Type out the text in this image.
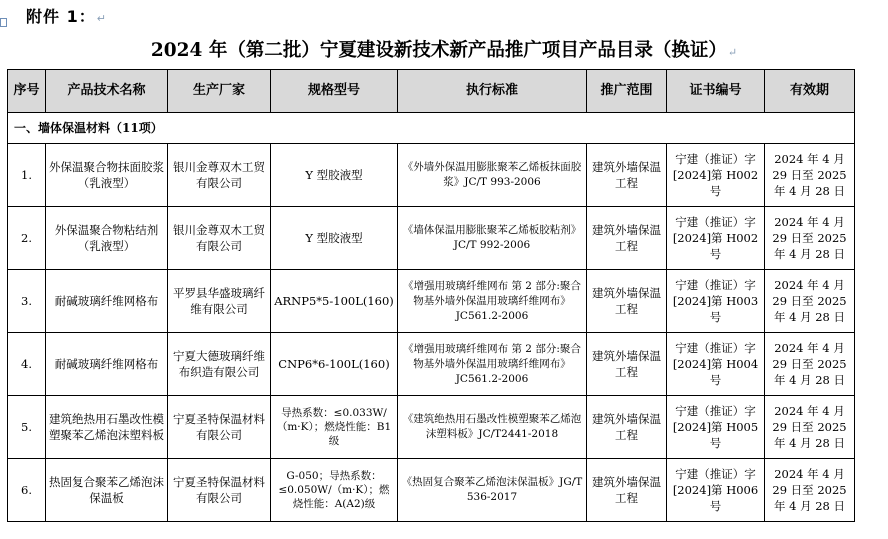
附件 1：↵
2024 年（第二批）宁夏建设新技术新产品推广项目产品目录（换证）↵
序号	产品技术名称	生产厂家	规格型号	执行标准	推广范围	证书编号	有效期
一、墙体保温材料（11项）							
1.	外保温聚合物抹面胶浆（乳液型）	银川金尊双木工贸有限公司	Y 型胶液型	《外墙外保温用膨胀聚苯乙烯板抹面胶浆》JC/T 993-2006	建筑外墙保温工程	宁建（推证）字[2024]第 H002 号	2024 年 4 月 29 日至 2025 年 4 月 28 日
2.	外保温聚合物粘结剂（乳液型）	银川金尊双木工贸有限公司	Y 型胶液型	《墙体保温用膨胀聚苯乙烯板胶粘剂》JC/T 992-2006	建筑外墙保温工程	宁建（推证）字[2024]第 H002 号	2024 年 4 月 29 日至 2025 年 4 月 28 日
3.	耐碱玻璃纤维网格布	平罗县华盛玻璃纤维有限公司	ARNP5*5-100L(160)	《增强用玻璃纤维网布 第 2 部分:聚合物基外墙外保温用玻璃纤维网布》 JC561.2-2006	建筑外墙保温工程	宁建（推证）字[2024]第 H003 号	2024 年 4 月 29 日至 2025 年 4 月 28 日
4.	耐碱玻璃纤维网格布	宁夏大德玻璃纤维布织造有限公司	CNP6*6-100L(160)	《增强用玻璃纤维网布 第 2 部分:聚合物基外墙外保温用玻璃纤维网布》 JC561.2-2006	建筑外墙保温工程	宁建（推证）字[2024]第 H004 号	2024 年 4 月 29 日至 2025 年 4 月 28 日
5.	建筑绝热用石墨改性模塑聚苯乙烯泡沫塑料板	宁夏圣特保温材料有限公司	导热系数：≤0.033W/（m·K）；燃烧性能：B1 级	《建筑绝热用石墨改性模塑聚苯乙烯泡沫塑料板》JC/T2441-2018	建筑外墙保温工程	宁建（推证）字[2024]第 H005 号	2024 年 4 月 29 日至 2025 年 4 月 28 日
6.	热固复合聚苯乙烯泡沫保温板	宁夏圣特保温材料有限公司	G-050；导热系数：≤0.050W/（m·K）；燃烧性能：A(A2)级	《热固复合聚苯乙烯泡沫保温板》JG/T 536-2017	建筑外墙保温工程	宁建（推证）字[2024]第 H006 号	2024 年 4 月 29 日至 2025 年 4 月 28 日
